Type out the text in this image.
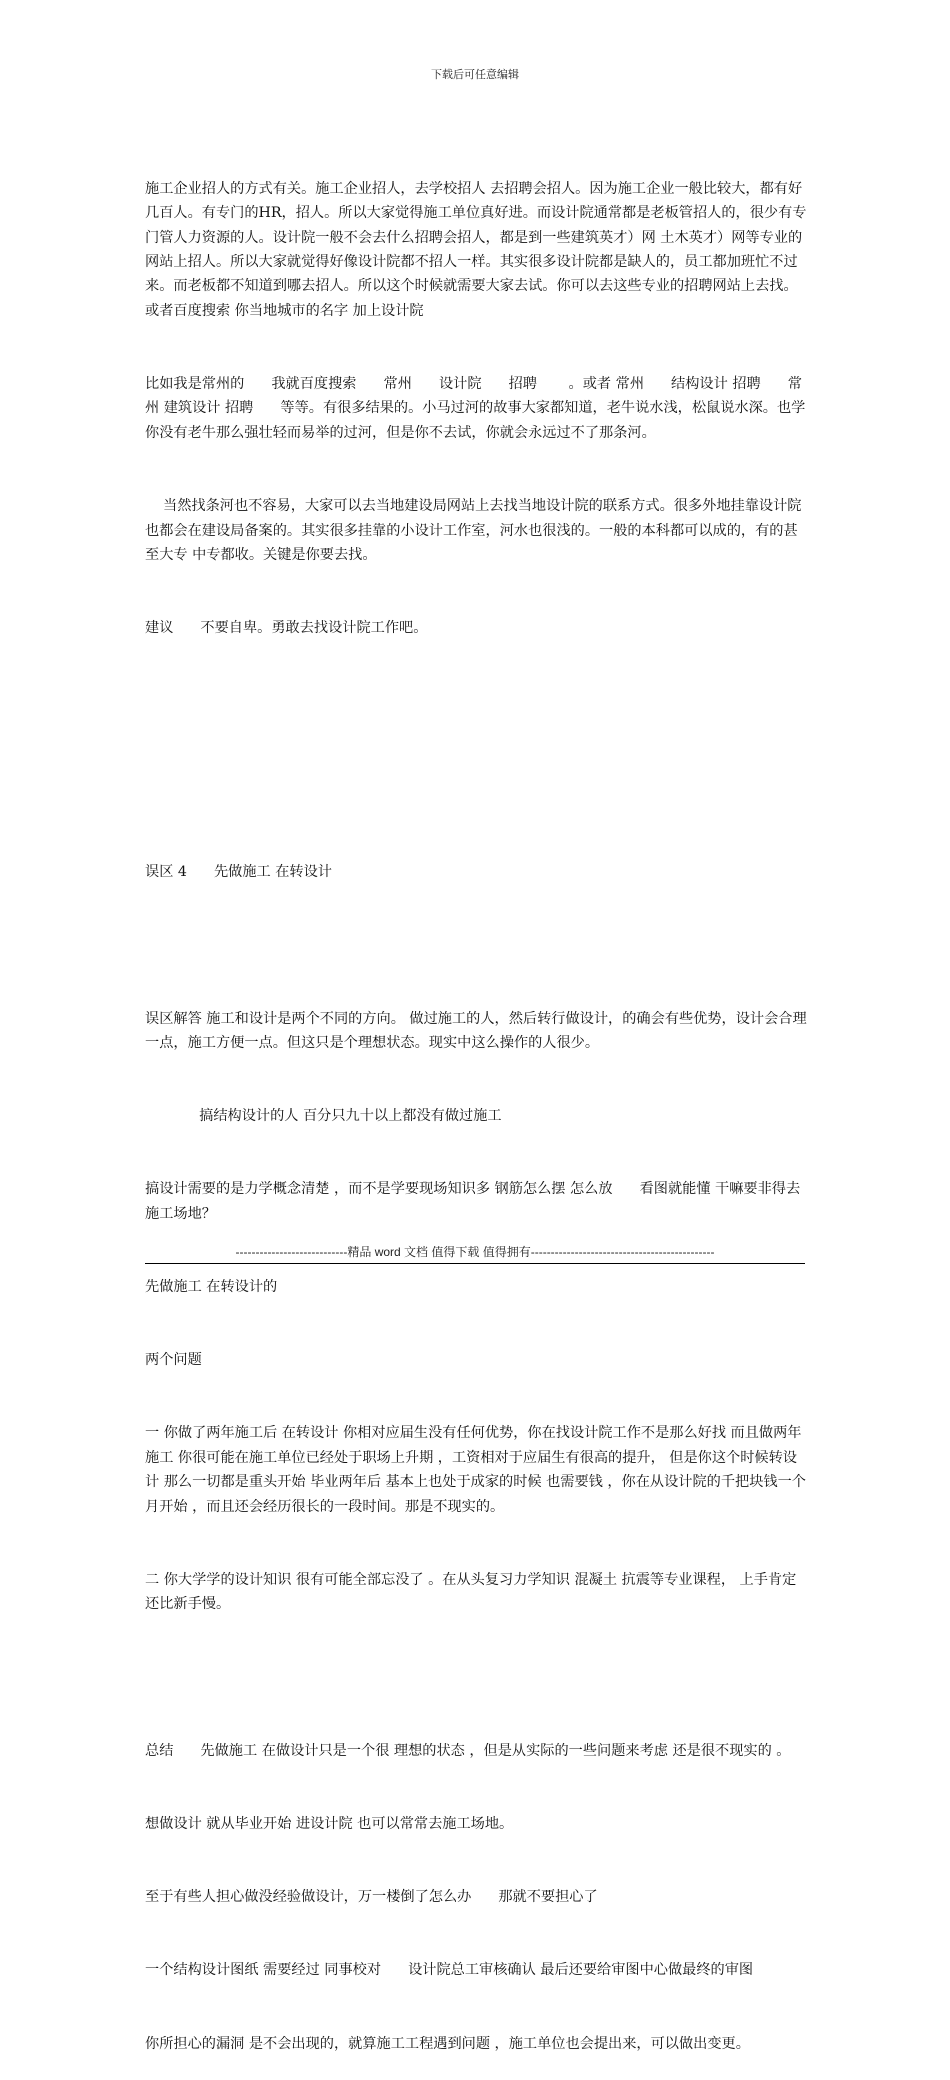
下载后可任意编辑

施工企业招人的方式有关。施工企业招人，去学校招人 去招聘会招人。因为施工企业一般比较大，都有好几百人。有专门的HR，招人。所以大家觉得施工单位真好进。而设计院通常都是老板管招人的，很少有专门管人力资源的人。设计院一般不会去什么招聘会招人，都是到一些建筑英才）网 土木英才）网等专业的网站上招人。所以大家就觉得好像设计院都不招人一样。其实很多设计院都是缺人的，员工都加班忙不过来。而老板都不知道到哪去招人。所以这个时候就需要大家去试。你可以去这些专业的招聘网站上去找。或者百度搜索 你当地城市的名字 加上设计院

比如我是常州的      我就百度搜索      常州      设计院      招聘       。或者 常州      结构设计 招聘      常州 建筑设计 招聘      等等。有很多结果的。小马过河的故事大家都知道，老牛说水浅，松鼠说水深。也学你没有老牛那么强壮轻而易举的过河，但是你不去试，你就会永远过不了那条河。

当然找条河也不容易，大家可以去当地建设局网站上去找当地设计院的联系方式。很多外地挂靠设计院也都会在建设局备案的。其实很多挂靠的小设计工作室，河水也很浅的。一般的本科都可以成的，有的甚至大专 中专都收。关键是你要去找。

建议      不要自卑。勇敢去找设计院工作吧。

误区 4      先做施工 在转设计

误区解答 施工和设计是两个不同的方向。 做过施工的人，然后转行做设计，的确会有些优势，设计会合理一点，施工方便一点。但这只是个理想状态。现实中这么操作的人很少。

搞结构设计的人 百分只九十以上都没有做过施工

搞设计需要的是力学概念清楚 ，而不是学要现场知识多 钢筋怎么摆 怎么放      看图就能懂 干嘛要非得去施工场地？

先做施工 在转设计的

两个问题

一 你做了两年施工后 在转设计 你相对应届生没有任何优势，你在找设计院工作不是那么好找 而且做两年施工 你很可能在施工单位已经处于职场上升期 ，工资相对于应届生有很高的提升， 但是你这个时候转设计 那么一切都是重头开始 毕业两年后 基本上也处于成家的时候 也需要钱 ，你在从设计院的千把块钱一个月开始 ，而且还会经历很长的一段时间。那是不现实的。

二 你大学学的设计知识 很有可能全部忘没了 。在从头复习力学知识 混凝土 抗震等专业课程， 上手肯定还比新手慢。

总结      先做施工 在做设计只是一个很 理想的状态 ，但是从实际的一些问题来考虑 还是很不现实的 。

想做设计 就从毕业开始 进设计院 也可以常常去施工场地。

至于有些人担心做没经验做设计，万一楼倒了怎么办      那就不要担心了

一个结构设计图纸 需要经过 同事校对      设计院总工审核确认 最后还要给审图中心做最终的审图

你所担心的漏洞 是不会出现的，就算施工工程遇到问题 ，施工单位也会提出来，可以做出变更。

----------------------------精品 word 文档 值得下载 值得拥有----------------------------------------------
